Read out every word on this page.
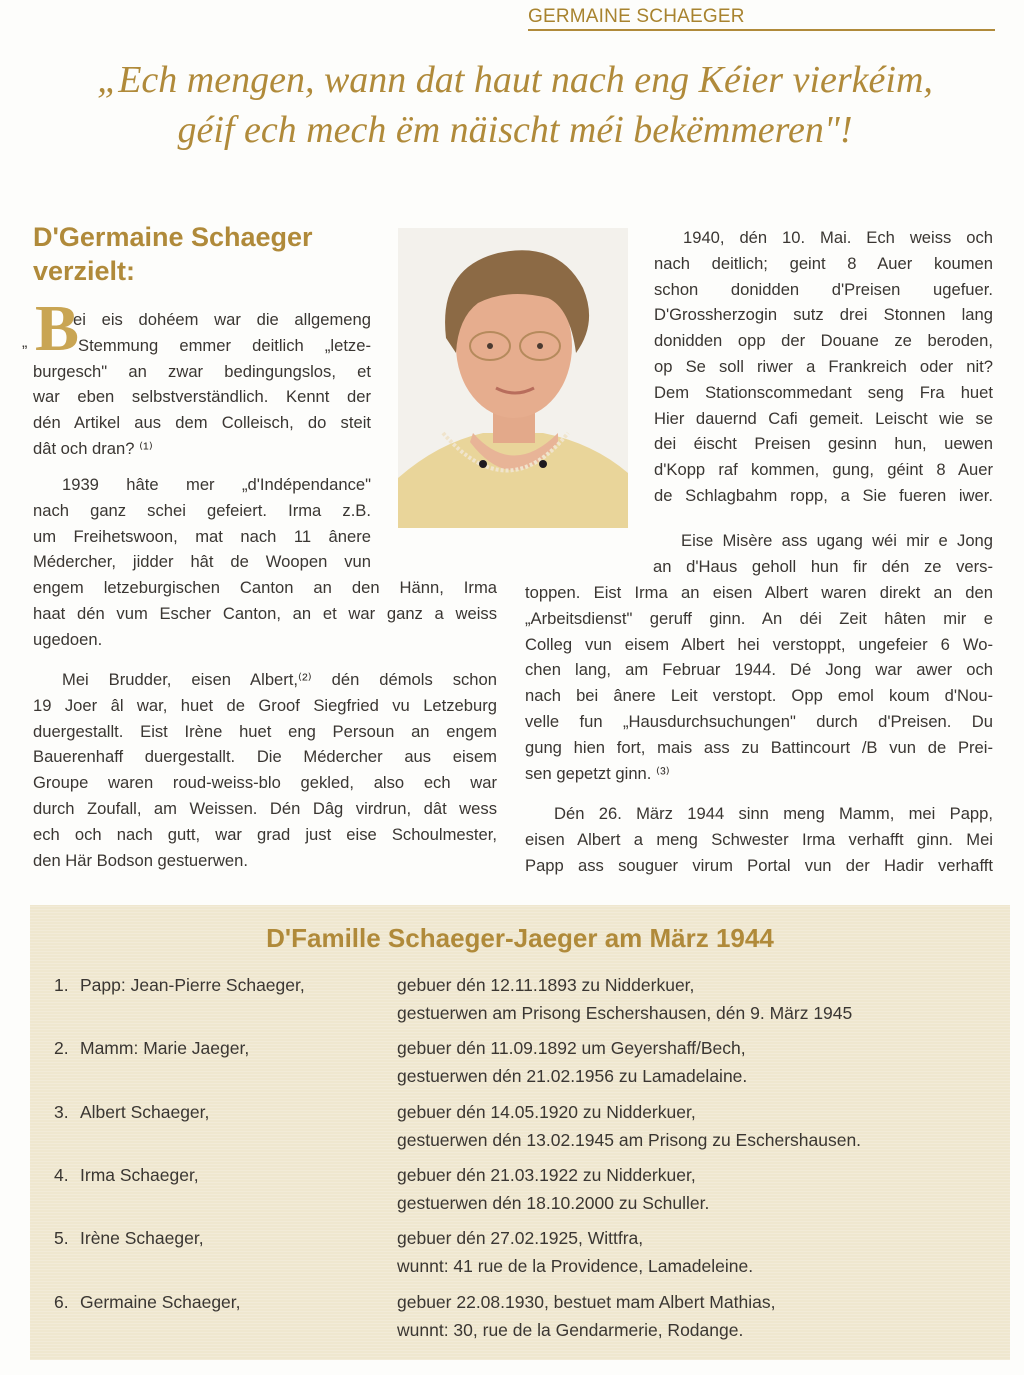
GERMAINE SCHAEGER
„Ech mengen, wann dat haut nach eng Kéier vierkéim,
géif ech mech ëm näischt méi bekëmmeren"!
D'Germaine Schaeger
verzielt:
B
„
ei eis dohéem war die allgemeng
Stemmung emmer deitlich „letze-
burgesch" an zwar bedingungslos, et
war eben selbstverständlich. Kennt der
dén Artikel aus dem Colleisch, do steit
dât och dran? ⁽¹⁾
1939 hâte mer „d'Indépendance"
nach ganz schei gefeiert. Irma z.B.
um Freihetswoon, mat nach 11 ânere
Médercher, jidder hât de Woopen vun
engem letzeburgischen Canton an den Hänn, Irma
haat dén vum Escher Canton, an et war ganz a weiss
ugedoen.
Mei Brudder, eisen Albert,⁽²⁾ dén démols schon
19 Joer âl war, huet de Groof Siegfried vu Letzeburg
duergestallt. Eist Irène huet eng Persoun an engem
Bauerenhaff duergestallt. Die Médercher aus eisem
Groupe waren roud-weiss-blo gekled, also ech war
durch Zoufall, am Weissen. Dén Dâg virdrun, dât wess
ech och nach gutt, war grad just eise Schoulmester,
den Här Bodson gestuerwen.
1940, dén 10. Mai. Ech weiss och
nach deitlich; geint 8 Auer koumen
schon donidden d'Preisen ugefuer.
D'Grossherzogin sutz drei Stonnen lang
donidden opp der Douane ze beroden,
op Se soll riwer a Frankreich oder nit?
Dem Stationscommedant seng Fra huet
Hier dauernd Cafi gemeit. Leischt wie se
dei éischt Preisen gesinn hun, uewen
d'Kopp raf kommen, gung, géint 8 Auer
de Schlagbahm ropp, a Sie fueren iwer.
Eise Misère ass ugang wéi mir e Jong
an d'Haus geholl hun fir dén ze vers-
toppen. Eist Irma an eisen Albert waren direkt an den
„Arbeitsdienst" geruff ginn. An déi Zeit hâten mir e
Colleg vun eisem Albert hei verstoppt, ungefeier 6 Wo-
chen lang, am Februar 1944. Dé Jong war awer och
nach bei ânere Leit verstopt. Opp emol koum d'Nou-
velle fun „Hausdurchsuchungen" durch d'Preisen. Du
gung hien fort, mais ass zu Battincourt /B vun de Prei-
sen gepetzt ginn. ⁽³⁾
Dén 26. März 1944 sinn meng Mamm, mei Papp,
eisen Albert a meng Schwester Irma verhafft ginn. Mei
Papp ass souguer virum Portal vun der Hadir verhafft
D'Famille Schaeger-Jaeger am März 1944
1. Papp: Jean-Pierre Schaeger,	gebuer dén 12.11.1893 zu Nidderkuer,
gestuerwen am Prisong Eschershausen, dén 9. März 1945
2. Mamm: Marie Jaeger,	gebuer dén 11.09.1892 um Geyershaff/Bech,
gestuerwen dén 21.02.1956 zu Lamadelaine.
3. Albert Schaeger,	gebuer dén 14.05.1920 zu Nidderkuer,
gestuerwen dén 13.02.1945 am Prisong zu Eschershausen.
4. Irma Schaeger,	gebuer dén 21.03.1922 zu Nidderkuer,
gestuerwen dén 18.10.2000 zu Schuller.
5. Irène Schaeger,	gebuer dén 27.02.1925, Wittfra,
wunnt: 41 rue de la Providence, Lamadeleine.
6. Germaine Schaeger,	gebuer 22.08.1930, bestuet mam Albert Mathias,
wunnt: 30, rue de la Gendarmerie, Rodange.
